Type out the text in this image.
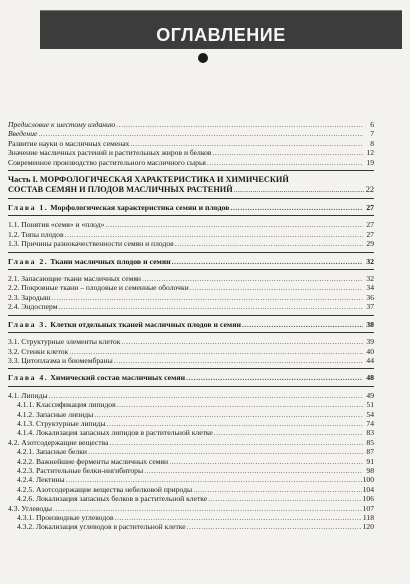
ОГЛАВЛЕНИЕ
Предисловие к шестому изданию .....	6
Введение .....	7
Развитие науки о масличных семенах .....	8
Значение масличных растений и растительных жиров и белков .....	12
Современное производство растительного масличного сырья .....	19
Часть I. МОРФОЛОГИЧЕСКАЯ ХАРАКТЕРИСТИКА И ХИМИЧЕСКИЙ
СОСТАВ СЕМЯН И ПЛОДОВ МАСЛИЧНЫХ РАСТЕНИЙ .....	22
Глава 1. Морфологическая характеристика семян и плодов .....	27
1.1. Понятия «семя» и «плод» .....	27
1.2. Типы плодов .....	27
1.3. Причины разнокачественности семян и плодов .....	29
Глава 2. Ткани масличных плодов и семян .....	32
2.1. Запасающие ткани масличных семян .....	32
2.2. Покровные ткани – плодовые и семенные оболочки .....	34
2.3. Зародыш .....	36
2.4. Эндосперм .....	37
Глава 3. Клетки отдельных тканей масличных плодов и семян .....	38
3.1. Структурные элементы клеток .....	39
3.2. Стенки клеток .....	40
3.3. Цитоплазма и биомембраны .....	44
Глава 4. Химический состав масличных семян .....	48
4.1. Липиды .....	49
4.1.1. Классификация липидов .....	51
4.1.2. Запасные липиды .....	54
4.1.3. Структурные липиды .....	74
4.1.4. Локализация запасных липидов в растительной клетке .....	83
4.2. Азотсодержащие вещества .....	85
4.2.1. Запасные белки .....	87
4.2.2. Важнейшие ферменты масличных семян .....	91
4.2.3. Растительные белки-ингибиторы .....	98
4.2.4. Лектины .....	100
4.2.5. Азотсодержащие вещества небелковой природы .....	104
4.2.6. Локализация запасных белков в растительной клетке .....	106
4.3. Углеводы .....	107
4.3.1. Производные углеводов .....	118
4.3.2. Локализация углеводов в растительной клетке .....	120
